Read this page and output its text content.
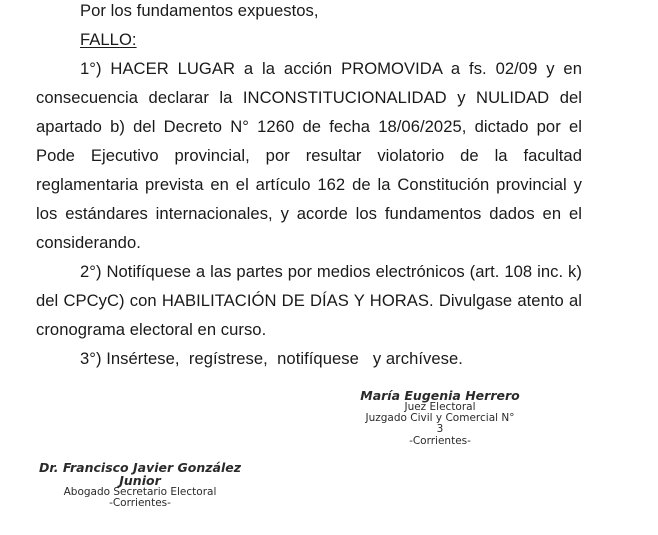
Por los fundamentos expuestos,
FALLO:
1°) HACER LUGAR a la acción PROMOVIDA a fs. 02/09 y en
consecuencia declarar la INCONSTITUCIONALIDAD y NULIDAD del
apartado b) del Decreto N° 1260 de fecha 18/06/2025, dictado por el
Pode Ejecutivo provincial, por resultar violatorio de la facultad
reglamentaria prevista en el artículo 162 de la Constitución provincial y
los estándares internacionales, y acorde los fundamentos dados en el
considerando.
2°) Notifíquese a las partes por medios electrónicos (art. 108 inc. k)
del CPCyC) con HABILITACIÓN DE DÍAS Y HORAS. Divulgase atento al
cronograma electoral en curso.
3°) Insértese,  regístrese,  notifíquese   y archívese.
María Eugenia Herrero
Juez Electoral
Juzgado Civil y Comercial N°
3
-Corrientes-
Dr. Francisco Javier González
Junior
Abogado Secretario Electoral
-Corrientes-
